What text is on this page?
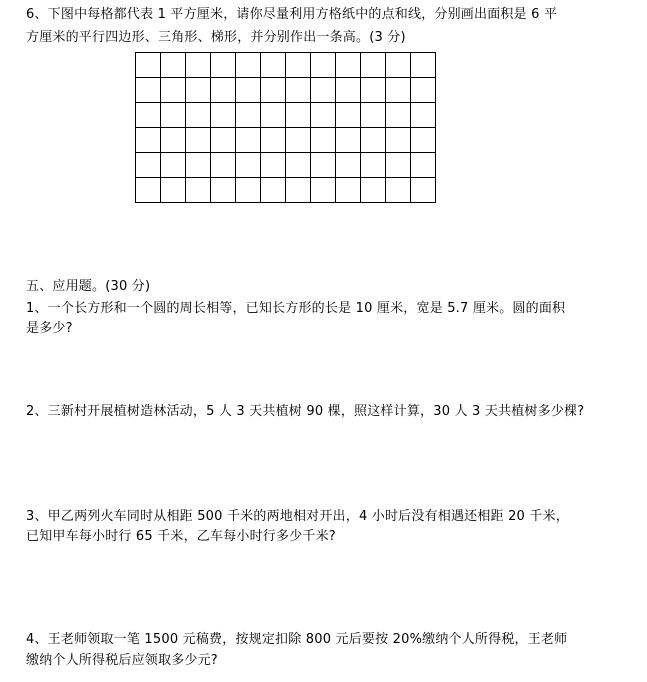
6、下图中每格都代表 1 平方厘米，请你尽量利用方格纸中的点和线，分别画出面积是 6 平
方厘米的平行四边形、三角形、梯形，并分别作出一条高。(3 分)

五、应用题。(30 分)
1、一个长方形和一个圆的周长相等，已知长方形的长是 10 厘米，宽是 5.7 厘米。圆的面积
是多少?
2、三新村开展植树造林活动，5 人 3 天共植树 90 棵，照这样计算，30 人 3 天共植树多少棵?
3、甲乙两列火车同时从相距 500 千米的两地相对开出，4 小时后没有相遇还相距 20 千米，
已知甲车每小时行 65 千米，乙车每小时行多少千米?
4、王老师领取一笔 1500 元稿费，按规定扣除 800 元后要按 20%缴纳个人所得税，王老师
缴纳个人所得税后应领取多少元?
